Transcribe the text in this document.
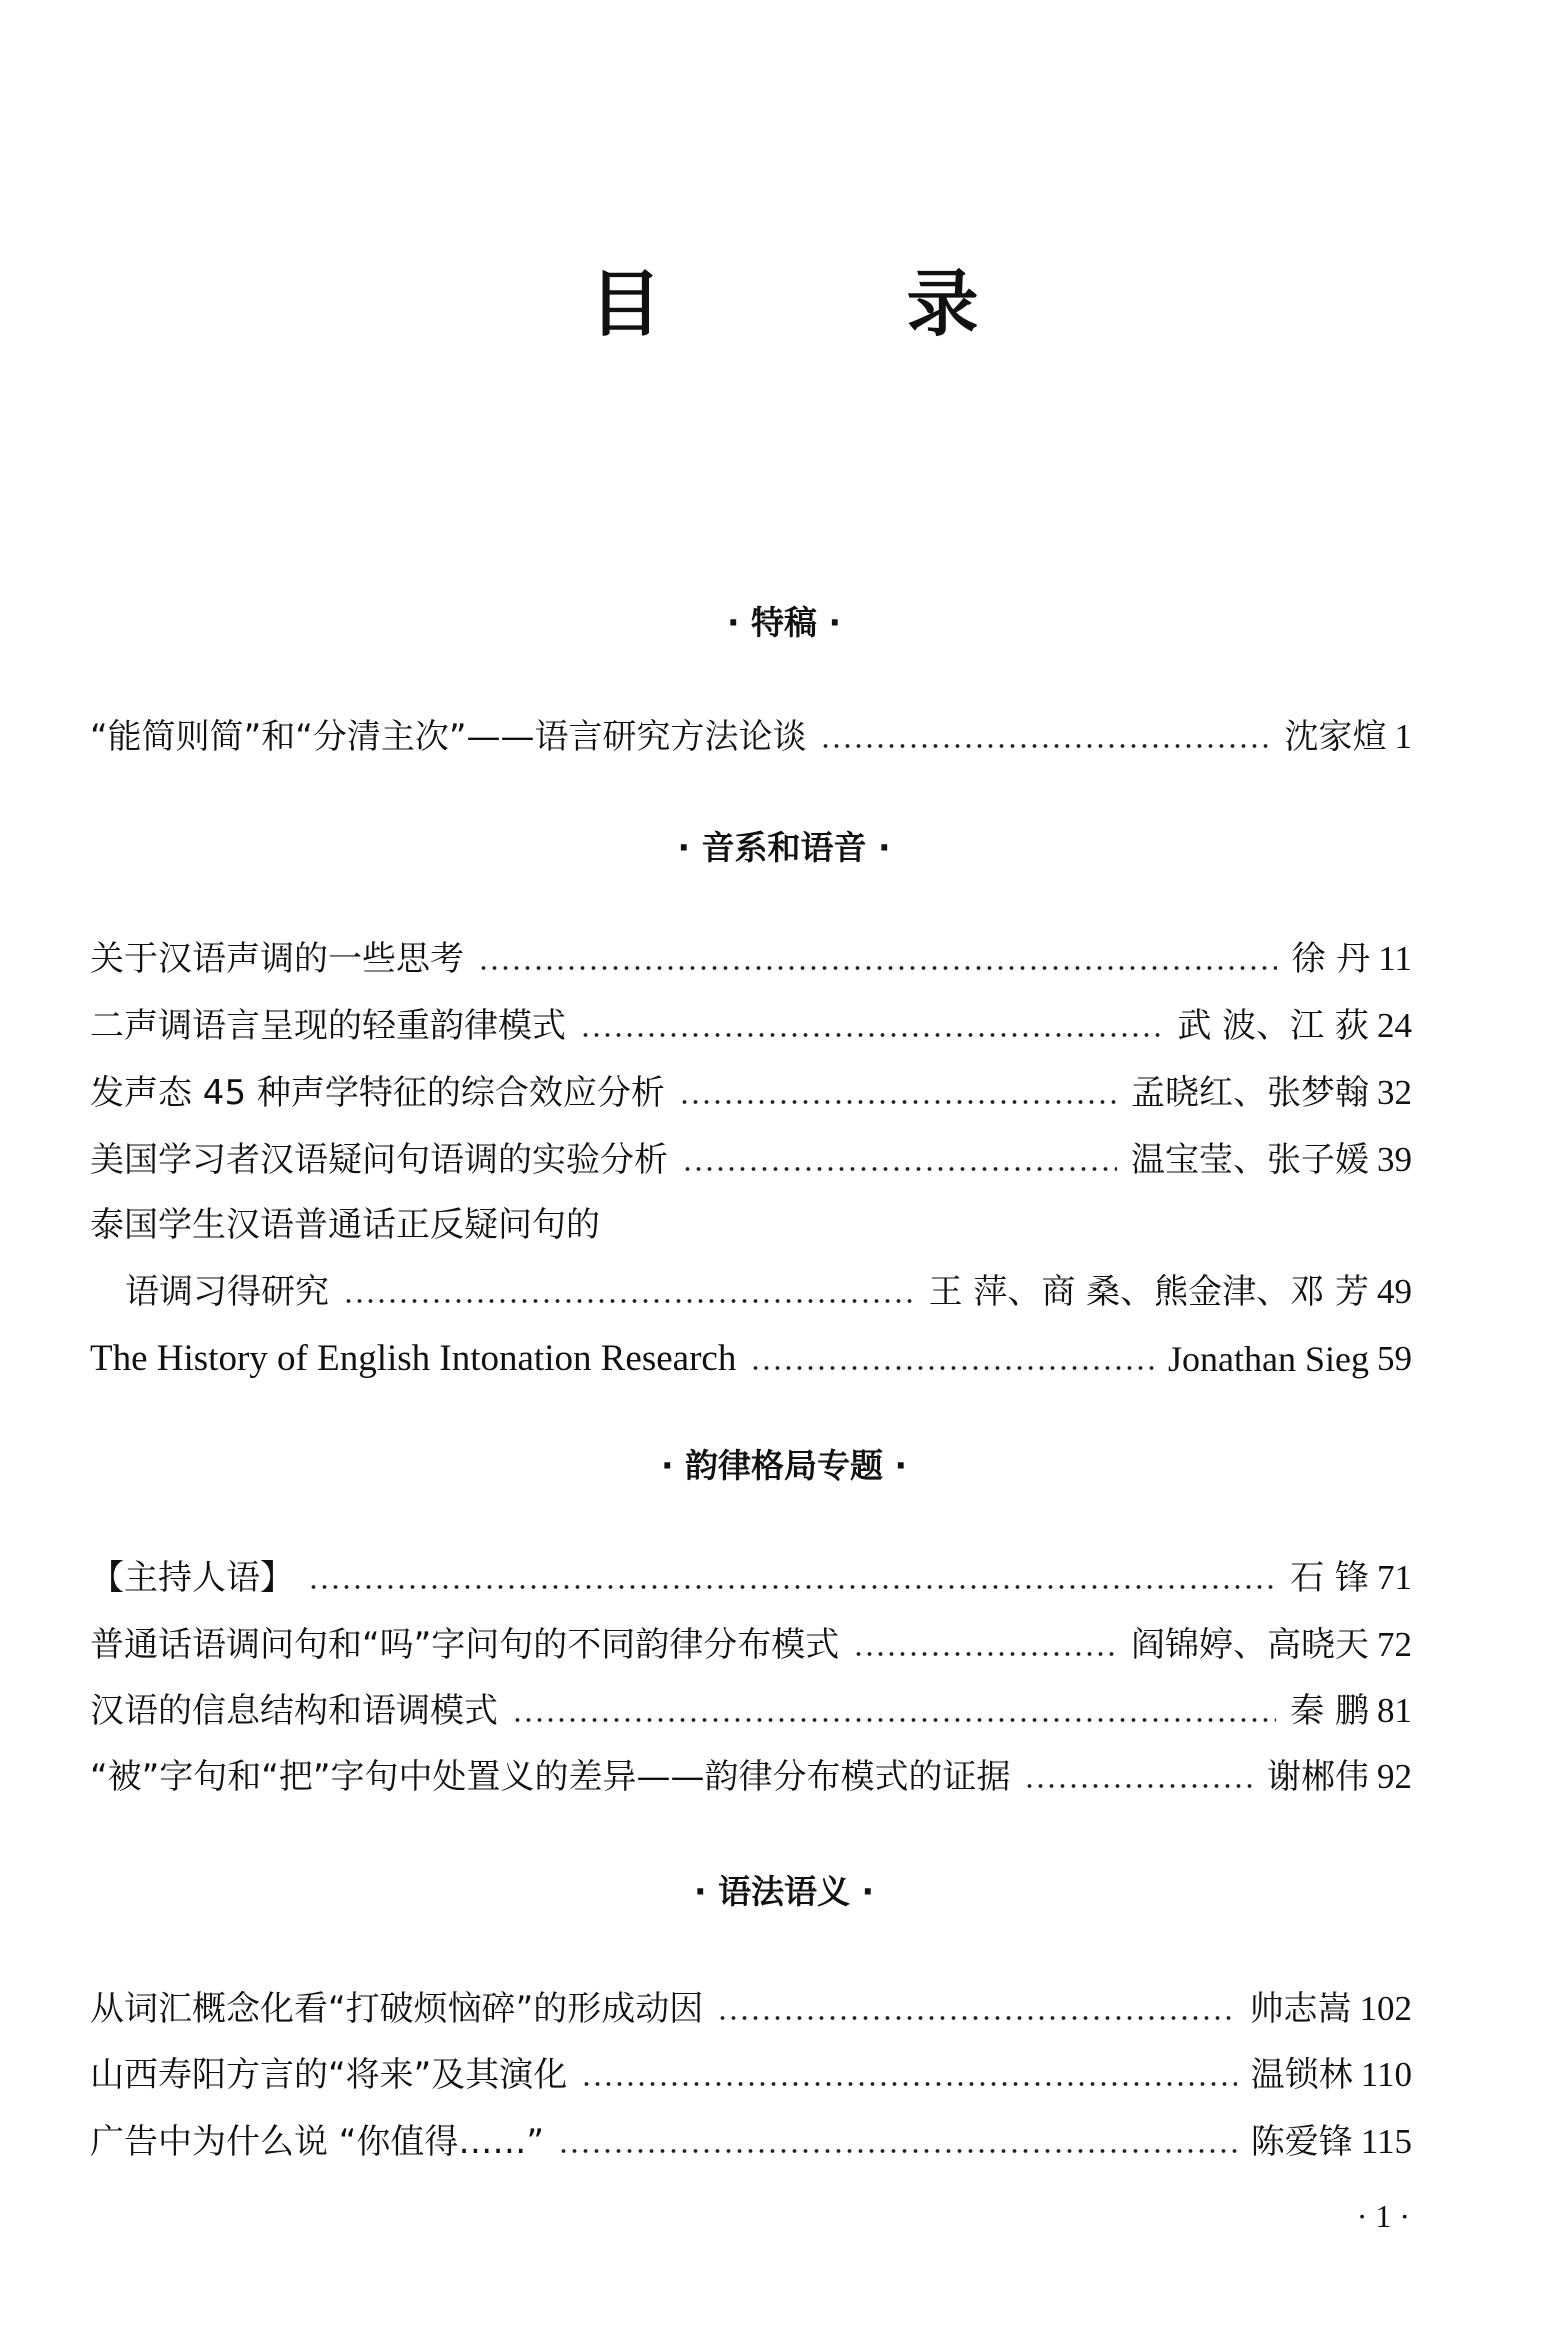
目 录
· 特稿 ·
“能简则简”和“分清主次”——语言研究方法论谈	沈家煊 1
· 音系和语音 ·
关于汉语声调的一些思考	徐 丹 11
二声调语言呈现的轻重韵律模式	武 波、江 荻 24
发声态 45 种声学特征的综合效应分析	孟晓红、张梦翰 32
美国学习者汉语疑问句语调的实验分析	温宝莹、张子媛 39
泰国学生汉语普通话正反疑问句的
语调习得研究	王 萍、商 桑、熊金津、邓 芳 49
The History of English Intonation Research	Jonathan Sieg 59
· 韵律格局专题 ·
【主持人语】	石 锋 71
普通话语调问句和“吗”字问句的不同韵律分布模式	阎锦婷、高晓天 72
汉语的信息结构和语调模式	秦 鹏 81
“被”字句和“把”字句中处置义的差异——韵律分布模式的证据	谢郴伟 92
· 语法语义 ·
从词汇概念化看“打破烦恼碎”的形成动因	帅志嵩 102
山西寿阳方言的“将来”及其演化	温锁林 110
广告中为什么说 “你值得……”	陈爱锋 115
· 1 ·
